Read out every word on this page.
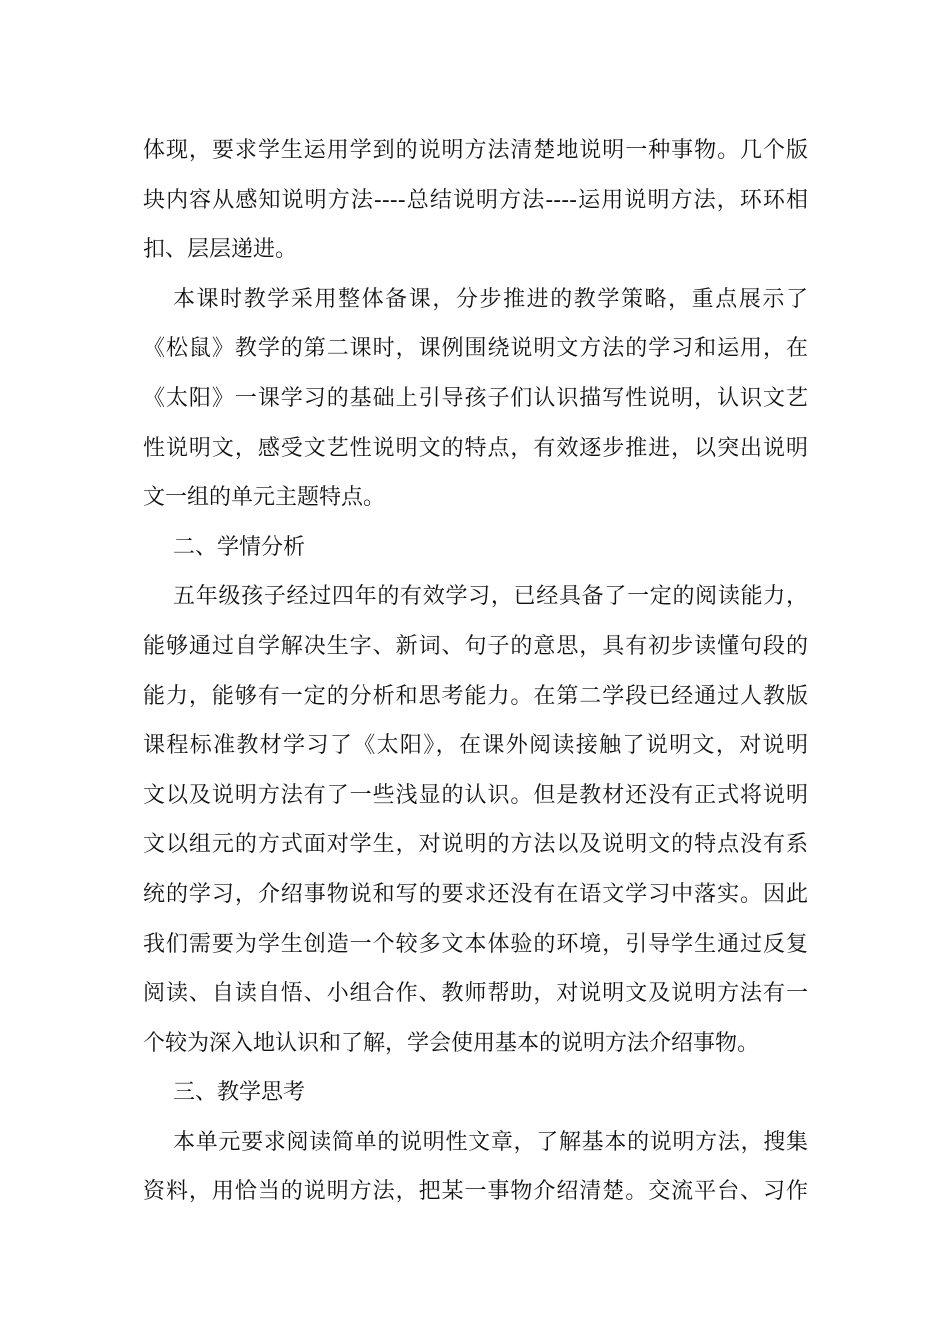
体现，要求学生运用学到的说明方法清楚地说明一种事物。几个版
块内容从感知说明方法----总结说明方法----运用说明方法，环环相
扣、层层递进。
本课时教学采用整体备课，分步推进的教学策略，重点展示了
《松鼠》教学的第二课时，课例围绕说明文方法的学习和运用，在
《太阳》一课学习的基础上引导孩子们认识描写性说明，认识文艺
性说明文，感受文艺性说明文的特点，有效逐步推进，以突出说明
文一组的单元主题特点。
二、学情分析
五年级孩子经过四年的有效学习，已经具备了一定的阅读能力，
能够通过自学解决生字、新词、句子的意思，具有初步读懂句段的
能力，能够有一定的分析和思考能力。在第二学段已经通过人教版
课程标准教材学习了《太阳》，在课外阅读接触了说明文，对说明
文以及说明方法有了一些浅显的认识。但是教材还没有正式将说明
文以组元的方式面对学生，对说明的方法以及说明文的特点没有系
统的学习，介绍事物说和写的要求还没有在语文学习中落实。因此
我们需要为学生创造一个较多文本体验的环境，引导学生通过反复
阅读、自读自悟、小组合作、教师帮助，对说明文及说明方法有一
个较为深入地认识和了解，学会使用基本的说明方法介绍事物。
三、教学思考
本单元要求阅读简单的说明性文章，了解基本的说明方法，搜集
资料，用恰当的说明方法，把某一事物介绍清楚。交流平台、习作
